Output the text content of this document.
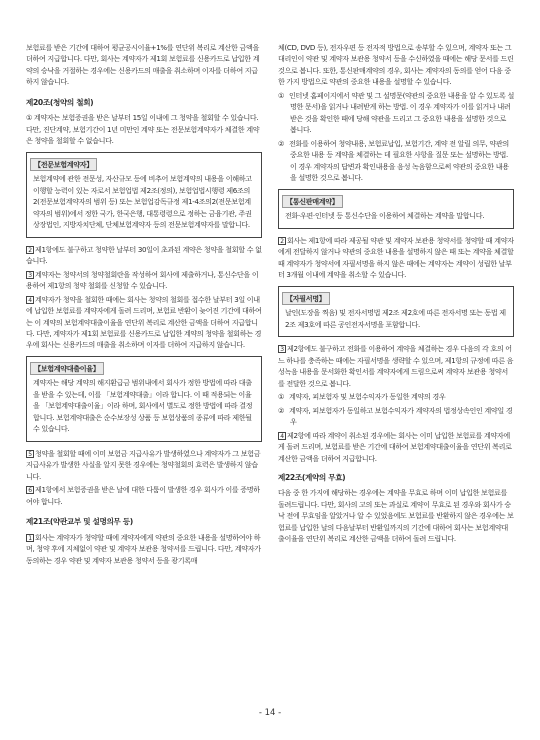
보험료를 받은 기간에 대하여 평균공시이율+1%를 연단위 복리로 계산한 금액을 더하여 지급합니다. 다만, 회사는 계약자가 제1회 보험료를 신용카드로 납입한 계약의 승낙을 거절하는 경우에는 신용카드의 매출을 취소하며 이자를 더하여 지급하지 않습니다.

제20조(청약의 철회)

① 계약자는 보험증권을 받은 날부터 15일 이내에 그 청약을 철회할 수 있습니다. 다만, 진단계약, 보험기간이 1년 미만인 계약 또는 전문보험계약자가 체결한 계약은 청약을 철회할 수 없습니다.

【전문보험계약자】

보험계약에 관한 전문성, 자산규모 등에 비추어 보험계약의 내용을 이해하고 이행할 능력이 있는 자로서 보험업법 제2조(정의), 보험업법시행령 제6조의2(전문보험계약자의 범위 등) 또는 보험업감독규정 제1-4조의2(전문보험계약자의 범위)에서 정한 국가, 한국은행, 대통령령으로 정하는 금융기관, 주권상장법인, 지방자치단체, 단체보험계약자 등의 전문보험계약자를 말합니다.

2 제1항에도 불구하고 청약한 날부터 30일이 초과된 계약은 청약을 철회할 수 없습니다.

3 계약자는 청약서의 청약철회란을 작성하여 회사에 제출하거나, 통신수단을 이용하여 제1항의 청약 철회를 신청할 수 있습니다.

4 계약자가 청약을 철회한 때에는 회사는 청약의 철회를 접수한 날부터 3일 이내에 납입한 보험료를 계약자에게 돌려 드리며, 보험료 반환이 늦어진 기간에 대하여는 이 계약의 보험계약대출이율을 연단위 복리로 계산한 금액을 더하여 지급합니다. 다만, 계약자가 제1회 보험료를 신용카드로 납입한 계약의 청약을 철회하는 경우에 회사는 신용카드의 매출을 취소하며 이자를 더하여 지급하지 않습니다.

【보험계약대출이율】

계약자는 해당 계약의 해지환급금 범위내에서 회사가 정한 방법에 따라 대출을 받을 수 있는데, 이를 「보험계약대출」이라 합니다. 이 때 적용되는 이율을 「보험계약대출이율」이라 하며, 회사에서 별도로 정한 방법에 따라 결정합니다. 보험계약대출은 순수보장성 상품 등 보험상품의 종류에 따라 제한될 수 있습니다.

5 청약을 철회할 때에 이미 보험금 지급사유가 발생하였으나 계약자가 그 보험금 지급사유가 발생한 사실을 알지 못한 경우에는 청약철회의 효력은 발생하지 않습니다.

6 제1항에서 보험증권을 받은 날에 대한 다툼이 발생한 경우 회사가 이를 증명하여야 합니다.

제21조(약관교부 및 설명의무 등)

1 회사는 계약자가 청약할 때에 계약자에게 약관의 중요한 내용을 설명하여야 하며, 청약 후에 지체없이 약관 및 계약자 보관용 청약서를 드립니다. 다만, 계약자가 동의하는 경우 약관 및 계약자 보관용 청약서 등을 광기록매

체(CD, DVD 등), 전자우편 등 전자적 방법으로 송부할 수 있으며, 계약자 또는 그 대리인이 약관 및 계약자 보관용 청약서 등을 수신하였을 때에는 해당 문서를 드린 것으로 봅니다. 또한, 통신판매계약의 경우, 회사는 계약자의 동의를 얻어 다음 중 한 가지 방법으로 약관의 중요한 내용을 설명할 수 있습니다.

① 인터넷 홈페이지에서 약관 및 그 설명문(약관의 중요한 내용을 알 수 있도록 설명한 문서)을 읽거나 내려받게 하는 방법. 이 경우 계약자가 이를 읽거나 내려받은 것을 확인한 때에 당해 약관을 드리고 그 중요한 내용을 설명한 것으로 봅니다.

② 전화를 이용하여 청약내용, 보험료납입, 보험기간, 계약 전 알릴 의무, 약관의 중요한 내용 등 계약을 체결하는 데 필요한 사항을 질문 또는 설명하는 방법. 이 경우 계약자의 답변과 확인내용을 음성 녹음함으로써 약관의 중요한 내용을 설명한 것으로 봅니다.

【통신판매계약】

전화·우편·인터넷 등 통신수단을 이용하여 체결하는 계약을 말합니다.

2 회사는 제1항에 따라 제공될 약관 및 계약자 보관용 청약서를 청약할 때 계약자에게 전달하지 않거나 약관의 중요한 내용을 설명하지 않은 때 또는 계약을 체결할 때 계약자가 청약서에 자필서명을 하지 않은 때에는 계약자는 계약이 성립한 날부터 3개월 이내에 계약을 취소할 수 있습니다.

【자필서명】

날인(도장을 찍음) 및 전자서명법 제2조 제2호에 따른 전자서명 또는 동법 제2조 제3호에 따른 공인전자서명을 포함합니다.

3 제2항에도 불구하고 전화를 이용하여 계약을 체결하는 경우 다음의 각 호의 어느 하나를 충족하는 때에는 자필서명을 생략할 수 있으며, 제1항의 규정에 따른 음성녹음 내용을 문서화한 확인서를 계약자에게 드림으로써 계약자 보관용 청약서를 전달한 것으로 봅니다.

① 계약자, 피보험자 및 보험수익자가 동일한 계약의 경우

② 계약자, 피보험자가 동일하고 보험수익자가 계약자의 법정상속인인 계약일 경우

4 제2항에 따라 계약이 취소된 경우에는 회사는 이미 납입한 보험료를 계약자에게 돌려 드리며, 보험료를 받은 기간에 대하여 보험계약대출이율을 연단위 복리로 계산한 금액을 더하여 지급합니다.

제22조(계약의 무효)

다음 중 한 가지에 해당하는 경우에는 계약을 무효로 하며 이미 납입한 보험료를 돌려드립니다. 다만, 회사의 고의 또는 과실로 계약이 무효로 된 경우와 회사가 승낙 전에 무효임을 알았거나 알 수 있었음에도 보험료를 반환하지 않은 경우에는 보험료를 납입한 날의 다음날부터 반환일까지의 기간에 대하여 회사는 보험계약대출이율을 연단위 복리로 계산한 금액을 더하여 돌려 드립니다.

- 14 -
